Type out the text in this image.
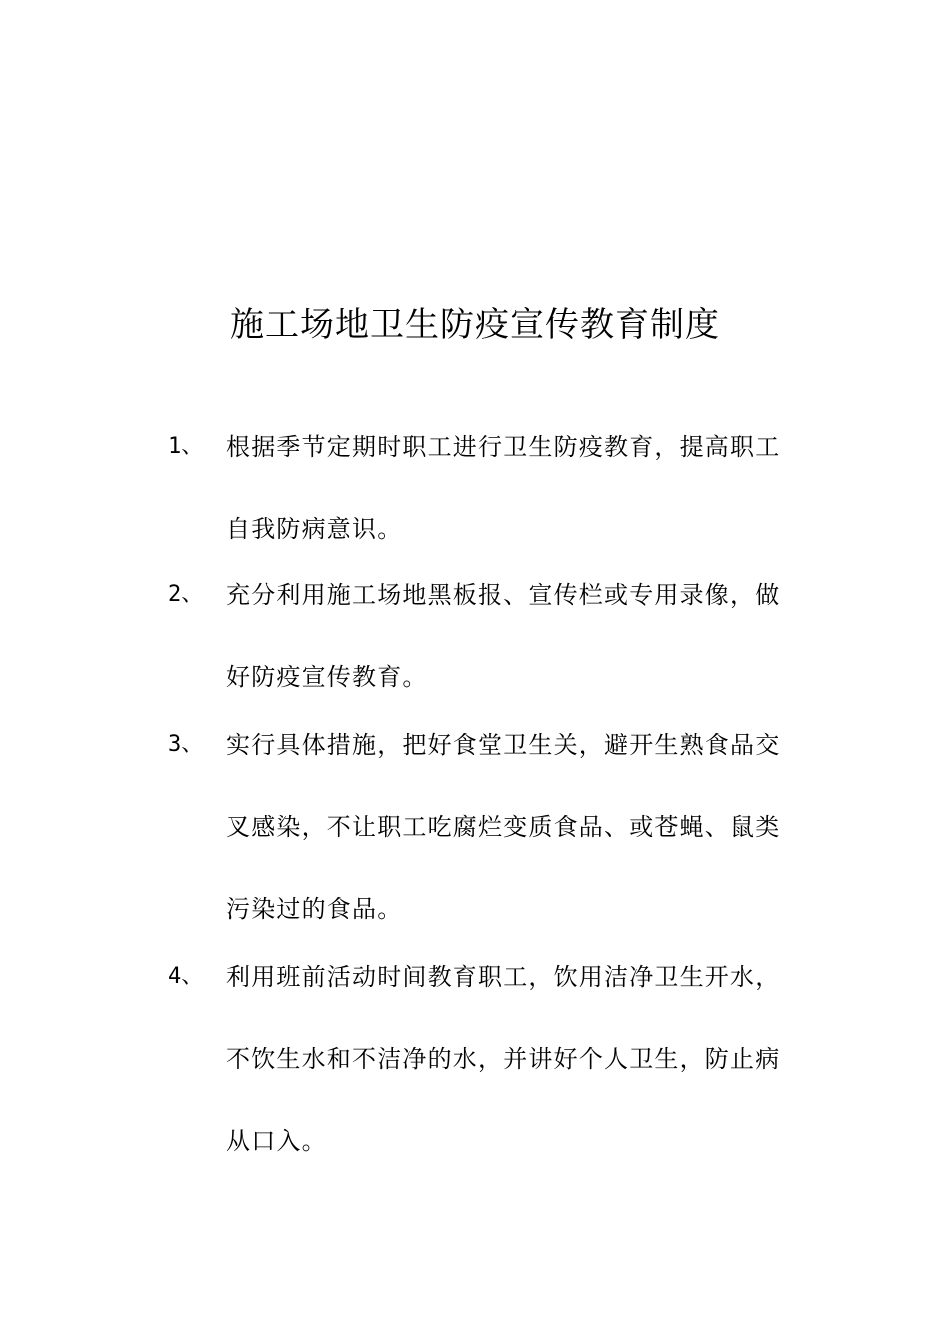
施工场地卫生防疫宣传教育制度
1、 根据季节定期时职工进行卫生防疫教育，提高职工
自我防病意识。
2、 充分利用施工场地黑板报、宣传栏或专用录像，做
好防疫宣传教育。
3、 实行具体措施，把好食堂卫生关，避开生熟食品交
叉感染，不让职工吃腐烂变质食品、或苍蝇、鼠类
污染过的食品。
4、 利用班前活动时间教育职工，饮用洁净卫生开水，
不饮生水和不洁净的水，并讲好个人卫生，防止病
从口入。
